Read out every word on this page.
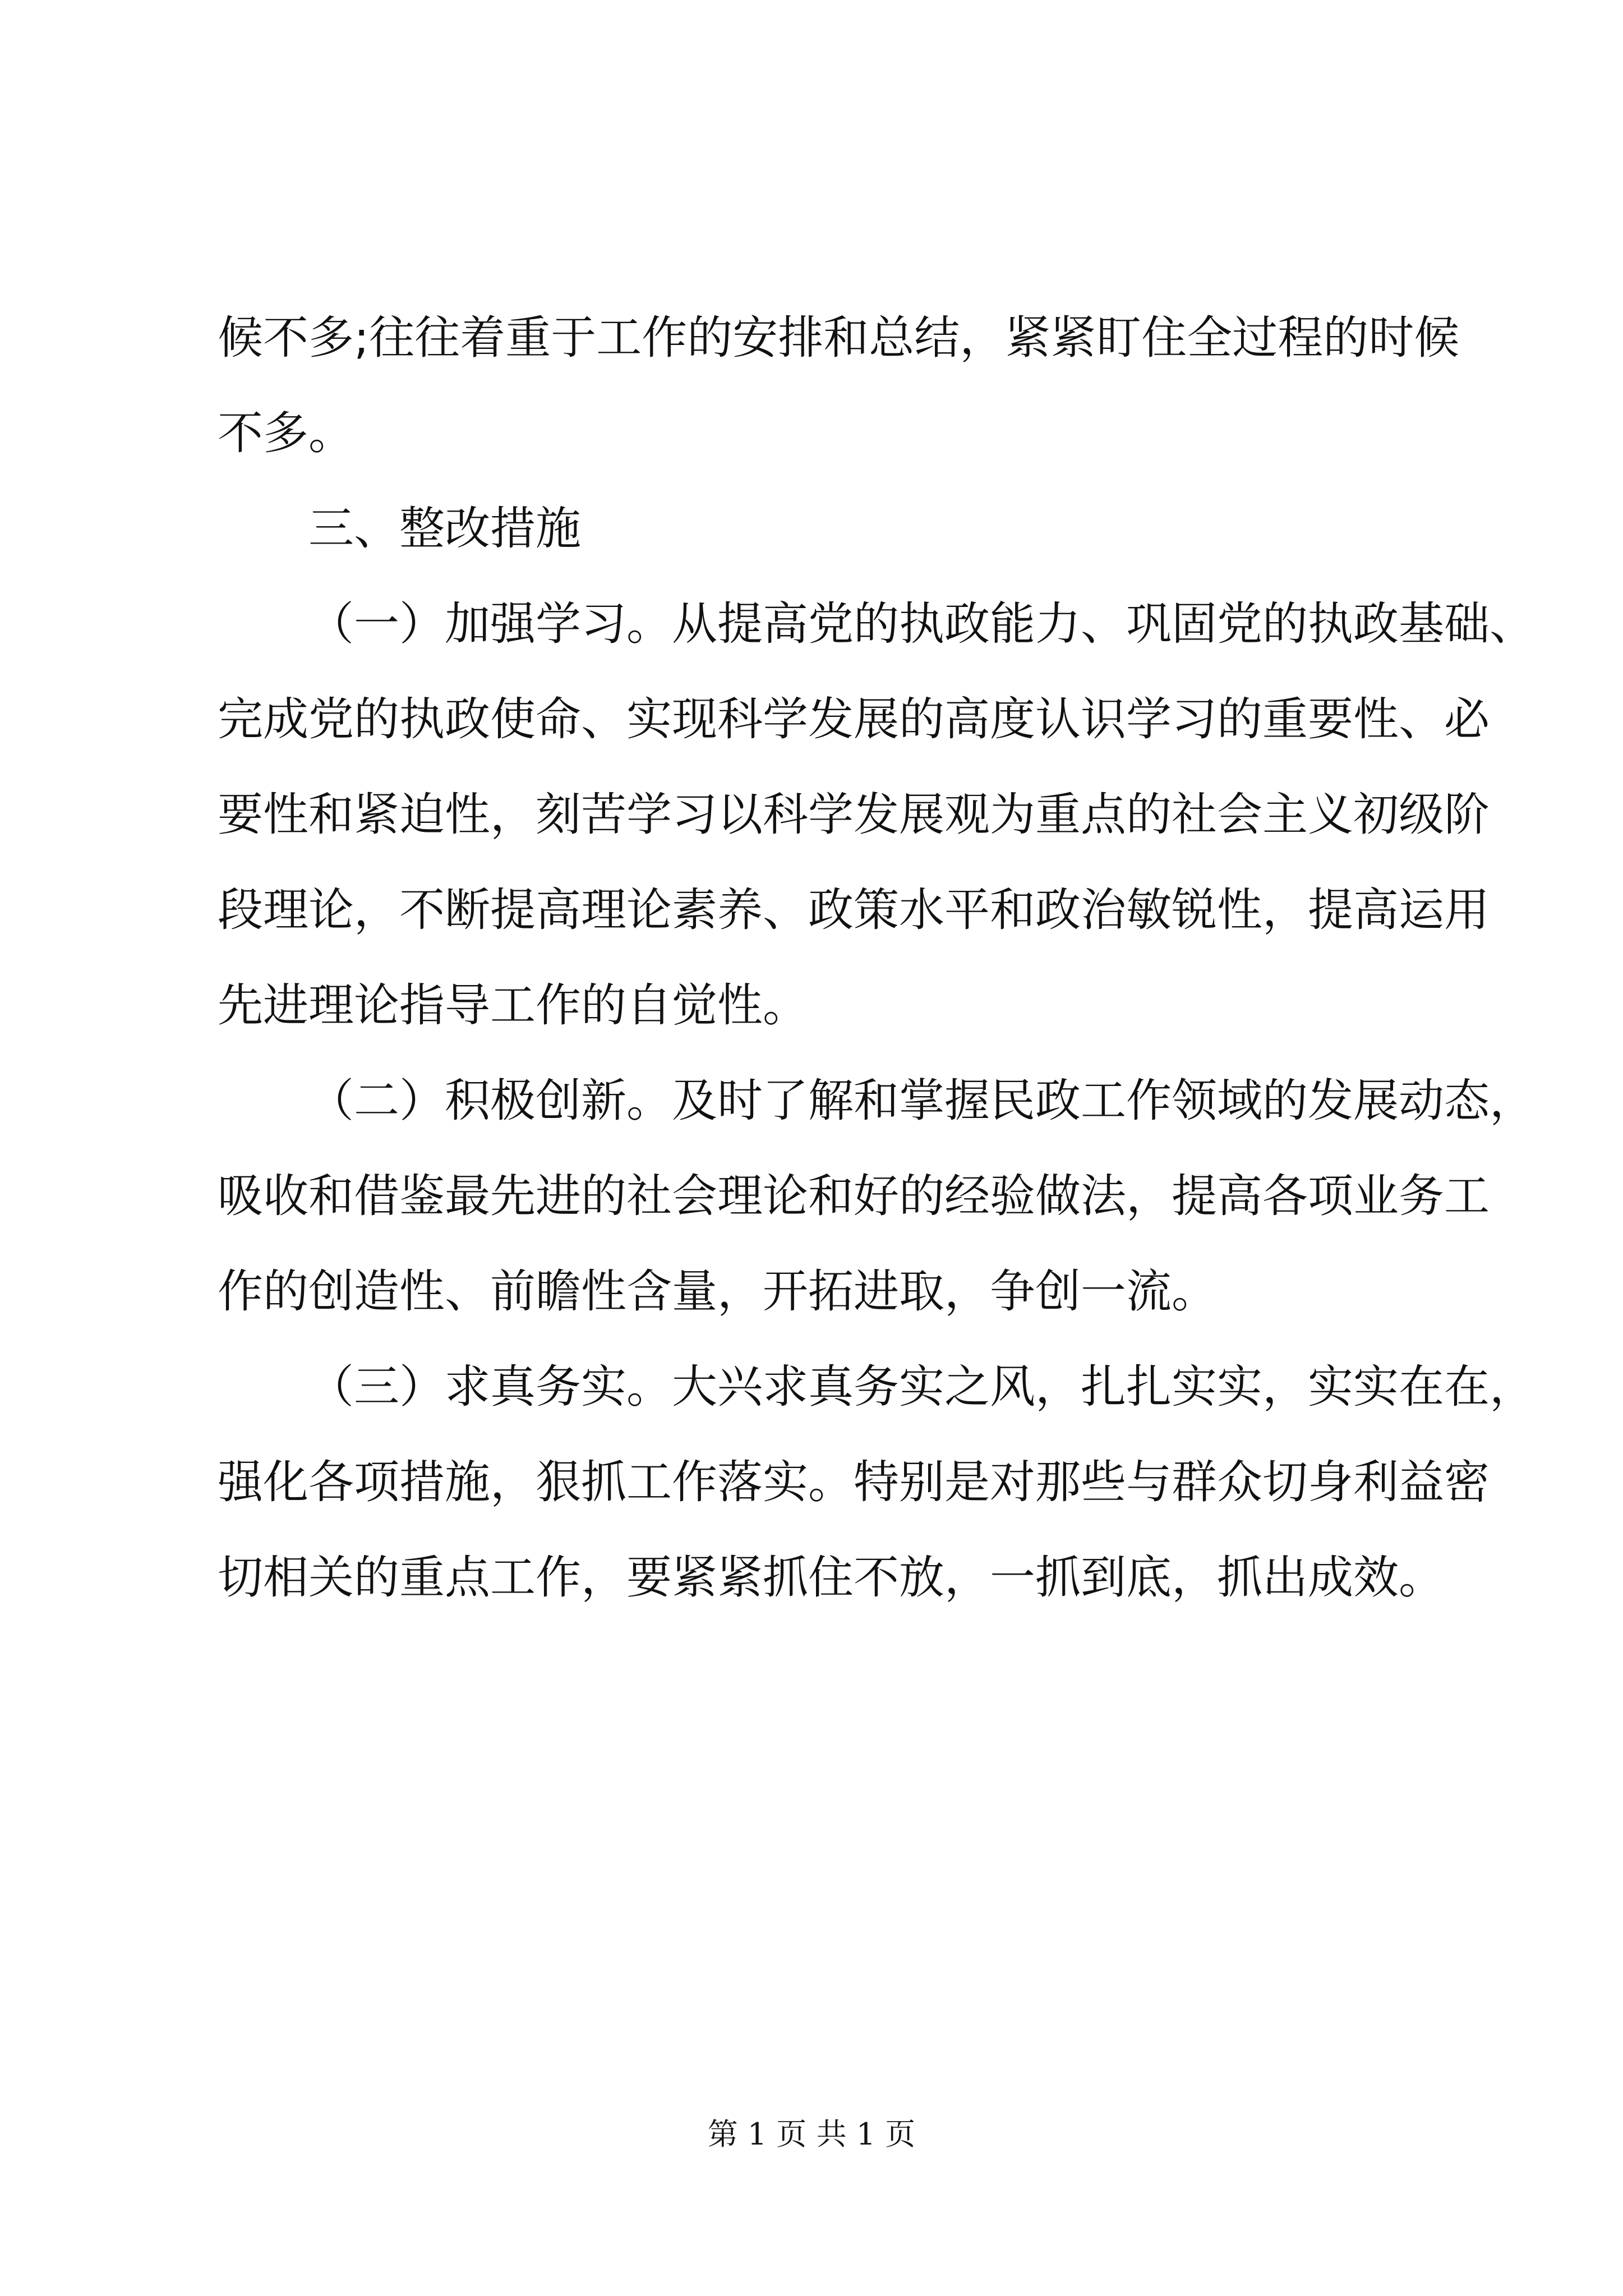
候不多;往往着重于工作的安排和总结，紧紧盯住全过程的时候
不多。
三、整改措施
（一）加强学习。从提高党的执政能力、巩固党的执政基础、
完成党的执政使命、实现科学发展的高度认识学习的重要性、必
要性和紧迫性，刻苦学习以科学发展观为重点的社会主义初级阶
段理论，不断提高理论素养、政策水平和政治敏锐性，提高运用
先进理论指导工作的自觉性。
（二）积极创新。及时了解和掌握民政工作领域的发展动态，
吸收和借鉴最先进的社会理论和好的经验做法，提高各项业务工
作的创造性、前瞻性含量，开拓进取，争创一流。
（三）求真务实。大兴求真务实之风，扎扎实实，实实在在，
强化各项措施，狠抓工作落实。特别是对那些与群众切身利益密
切相关的重点工作，要紧紧抓住不放，一抓到底，抓出成效。
第 1 页 共 1 页
